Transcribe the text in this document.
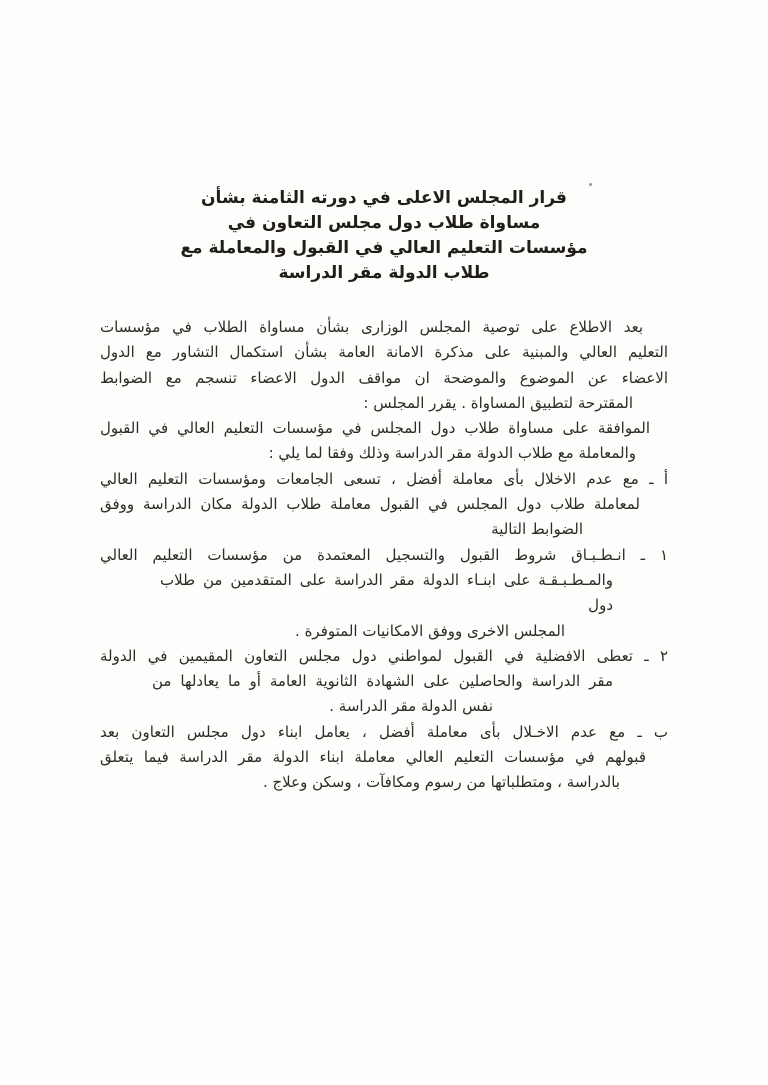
قرار المجلس الاعلى في دورته الثامنة بشأن
مساواة طلاب دول مجلس التعاون في
مؤسسات التعليم العالي في القبول والمعاملة مع
طلاب الدولة مقر الدراسة
بعد الاطلاع على توصية المجلس الوزارى بشأن مساواة الطلاب في مؤسسات
التعليم العالي والمبنية على مذكرة الامانة العامة بشأن استكمال التشاور مع الدول
الاعضاء عن الموضوع والموضحة ان مواقف الدول الاعضاء تنسجم مع الضوابط
المقترحة لتطبيق المساواة . يقرر المجلس :
الموافقة على مساواة طلاب دول المجلس في مؤسسات التعليم العالي في القبول
والمعاملة مع طلاب الدولة مقر الدراسة وذلك وفقا لما يلي :
أ ـ مع عدم الاخلال بأى معاملة أفضل ، تسعى الجامعات ومؤسسات التعليم العالي
لمعاملة طلاب دول المجلس في القبول معاملة طلاب الدولة مكان الدراسة ووفق
الضوابط التالية
١ ـ انـطـبـاق شروط القبول والتسجيل المعتمدة من مؤسسات التعليم العالي
والمـطـبـقـة على ابنـاء الدولة مقر الدراسة على المتقدمين من طلاب دول
المجلس الاخرى ووفق الامكانيات المتوفرة .
٢ ـ تعطى الافضلية في القبول لمواطني دول مجلس التعاون المقيمين في الدولة
مقر الدراسة والحاصلين على الشهادة الثانوية العامة أو ما يعادلها من
نفس الدولة مقر الدراسة .
ب ـ مع عدم الاخـلال بأى معاملة أفضل ، يعامل ابناء دول مجلس التعاون بعد
قبولهم في مؤسسات التعليم العالي معاملة ابناء الدولة مقر الدراسة فيما يتعلق
بالدراسة ، ومتطلباتها من رسوم ومكافآت ، وسكن وعلاج .
